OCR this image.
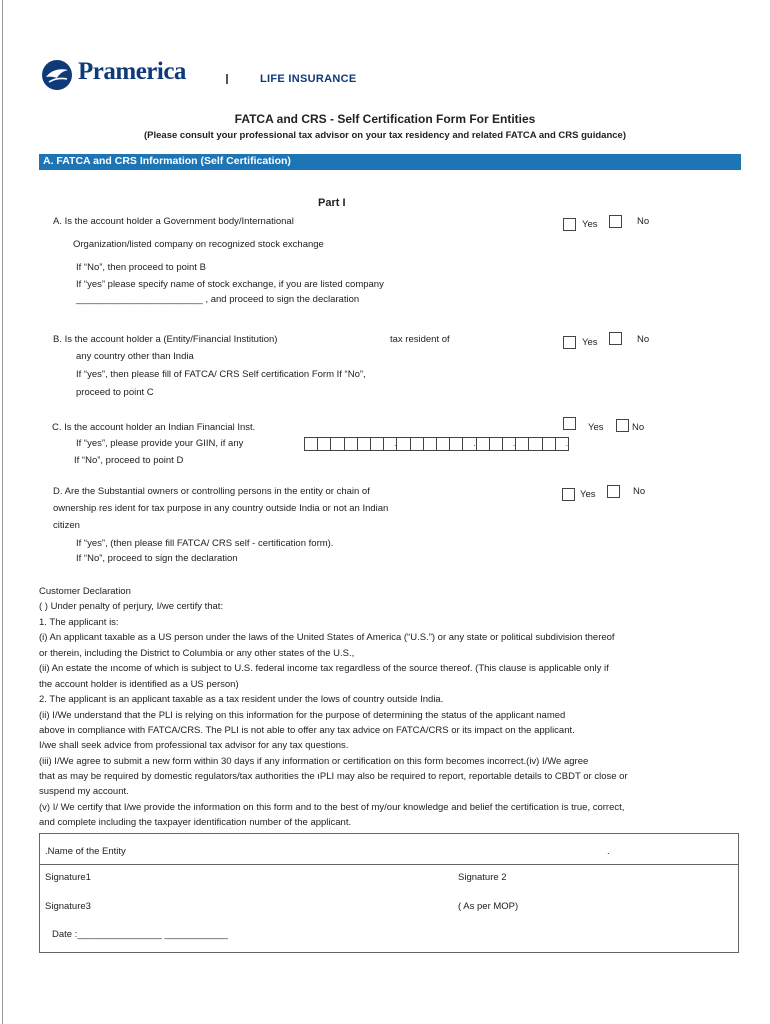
Pramerica	LIFE INSURANCE
FATCA and CRS - Self Certification Form For Entities
(Please consult your professional tax advisor on your tax residency and related FATCA and CRS guidance)
A. FATCA and CRS Information (Self Certification)
Part I
A. Is the account holder a Government body/International
Organization/listed company on recognized stock exchange
If “No”, then proceed to point B
If “yes” please specify name of stock exchange, if you are listed company
________________________ , and proceed to sign the declaration
Yes	No
B. Is the account holder a (Entity/Financial Institution)	tax resident of
any country other than India
If “yes”, then please fill of FATCA/ CRS Self certification Form If “No”,
proceed to point C
Yes	No
C. Is the account holder an Indian Financial Inst.
If “yes”, please provide your GIIN, if any
If “No”, proceed to point D
.	.	.	.
Yes	No
D. Are the Substantial owners or controlling persons in the entity or chain of
ownership res ident for tax purpose in any country outside India or not an Indian
citizen
If “yes”, (then please fill FATCA/ CRS self - certification form).
If “No”, proceed to sign the declaration
Yes	No
Customer Declaration
( ) Under penalty of perjury, I/we certify that:
1. The applicant is:
(i) An applicant taxable as a US person under the laws of the United States of America (“U.S.”) or any state or political subdivision thereof
or therein, including the District to Columbia or any other states of the U.S.,
(ii) An estate the ıncome of which is subject to U.S. federal income tax regardless of the source thereof. (This clause is applicable only if
the account holder is identified as a US person)
2. The applicant is an applicant taxable as a tax resident under the lows of country outside India.
(ii) I/We understand that the PLI is relying on this information for the purpose of determining the status of the applicant named
above in compliance with FATCA/CRS. The PLI is not able to offer any tax advice on FATCA/CRS or its impact on the applicant.
I/we shall seek advice from professional tax advisor for any tax questions.
(iii) I/We agree to submit a new form within 30 days if any information or certification on this form becomes incorrect.(iv) I/We agree
that as may be required by domestic regulators/tax authorities the ıPLI may also be required to report, reportable details to CBDT or close or
suspend my account.
(v) I/ We certify that I/we provide the information on this form and to the best of my/our knowledge and belief the certification is true, correct,
and complete including the taxpayer identification number of the applicant.
.Name of the Entity	.
Signature1	Signature 2
Signature3	( As per MOP)
Date :________________ ____________
